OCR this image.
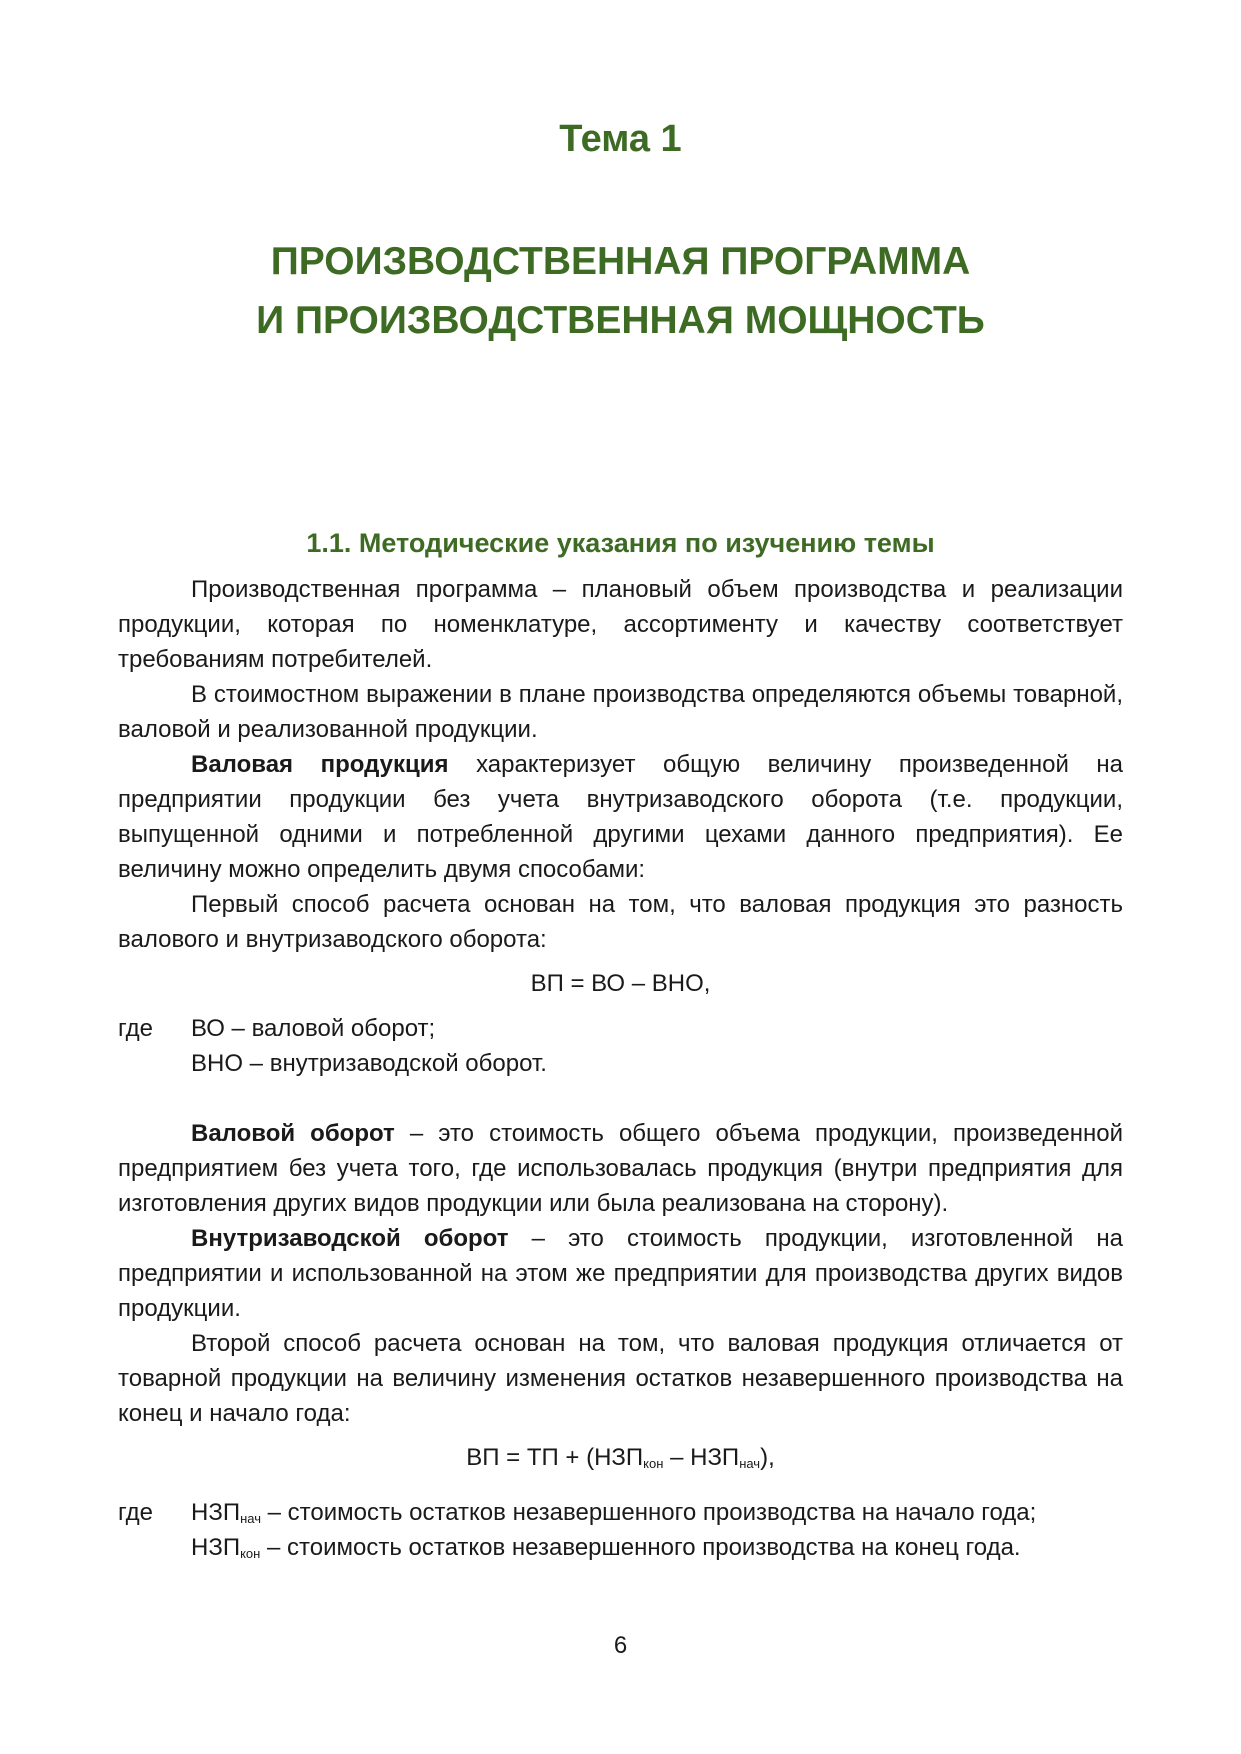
Тема 1
ПРОИЗВОДСТВЕННАЯ ПРОГРАММА
И ПРОИЗВОДСТВЕННАЯ МОЩНОСТЬ
1.1. Методические указания по изучению темы

Производственная программа – плановый объем производства и реализации продукции, которая по номенклатуре, ассортименту и качеству соответствует требованиям потребителей.

В стоимостном выражении в плане производства определяются объемы товарной, валовой и реализованной продукции.

Валовая продукция характеризует общую величину произведенной на предприятии продукции без учета внутризаводского оборота (т.е. продукции, выпущенной одними и потребленной другими цехами данного предприятия). Ее величину можно определить двумя способами:

Первый способ расчета основан на том, что валовая продукция это разность валового и внутризаводского оборота:

ВП = ВО – ВНО,

где	ВО – валовой оборот;
ВНО – внутризаводской оборот.

Валовой оборот – это стоимость общего объема продукции, произведенной предприятием без учета того, где использовалась продукция (внутри предприятия для изготовления других видов продукции или была реализована на сторону).

Внутризаводской оборот – это стоимость продукции, изготовленной на предприятии и использованной на этом же предприятии для производства других видов продукции.

Второй способ расчета основан на том, что валовая продукция отличается от товарной продукции на величину изменения остатков незавершенного производства на конец и начало года:

ВП = ТП + $(НЗП_{кон} - НЗП_{нач})$,

где	$НЗП_{нач}$ – стоимость остатков незавершенного производства на начало года;
$НЗП_{кон}$ – стоимость остатков незавершенного производства на конец года.
6
